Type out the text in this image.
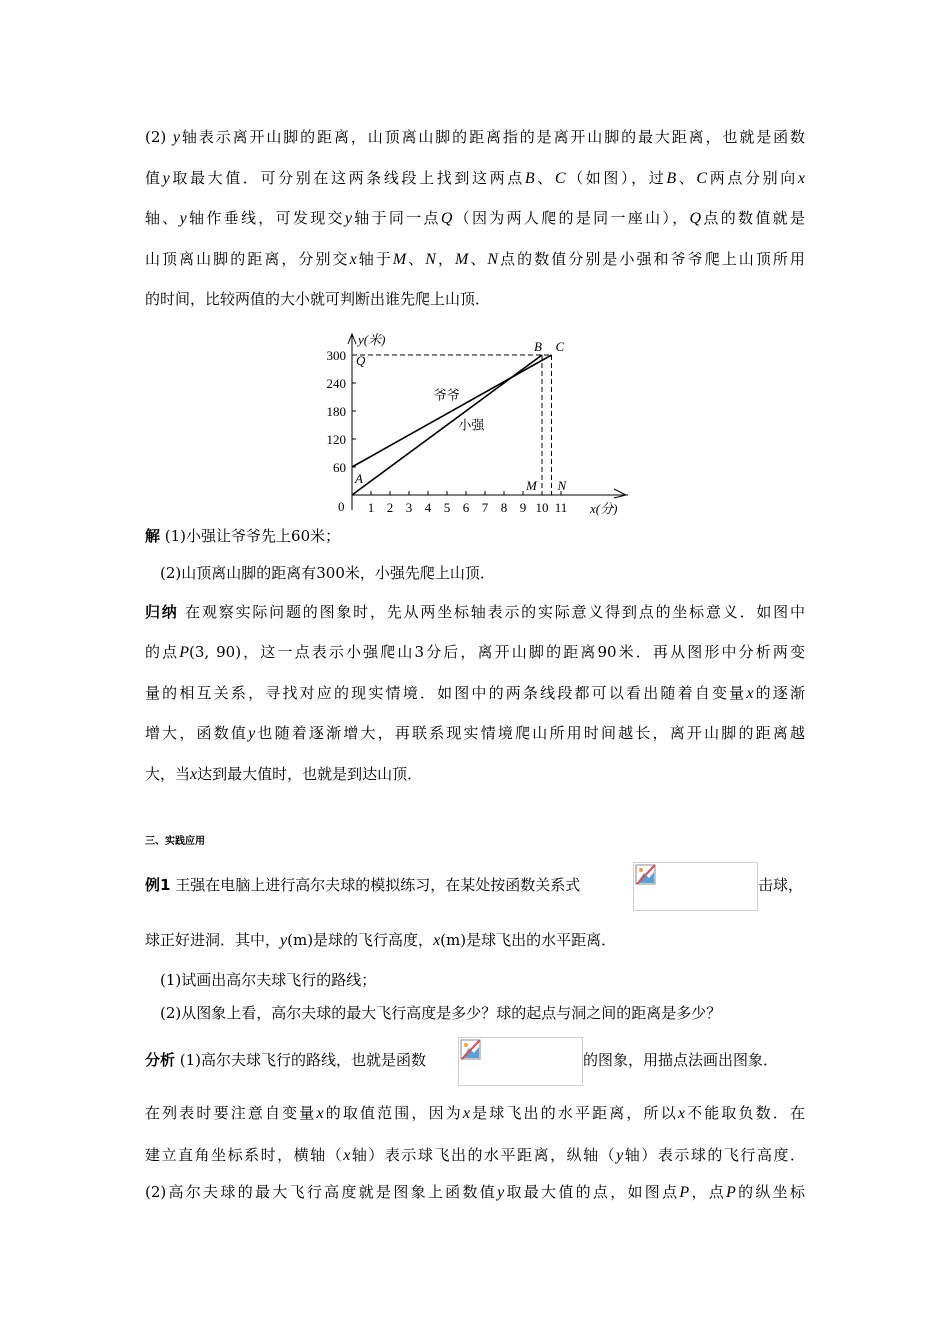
(2) y轴表示离开山脚的距离，山顶离山脚的距离指的是离开山脚的最大距离，也就是函数
值y取最大值．可分别在这两条线段上找到这两点B、C（如图），过B、C两点分别向x
轴、y轴作垂线，可发现交y轴于同一点Q（因为两人爬的是同一座山），Q点的数值就是
山顶离山脚的距离，分别交x轴于M、N，M、N点的数值分别是小强和爷爷爬上山顶所用
的时间，比较两值的大小就可判断出谁先爬上山顶．
解 (1)小强让爷爷先上60米；
　(2)山顶离山脚的距离有300米，小强先爬上山顶．
归纳 在观察实际问题的图象时，先从两坐标轴表示的实际意义得到点的坐标意义．如图中
的点P(3, 90)，这一点表示小强爬山3分后，离开山脚的距离90米．再从图形中分析两变
量的相互关系，寻找对应的现实情境．如图中的两条线段都可以看出随着自变量x的逐渐
增大，函数值y也随着逐渐增大，再联系现实情境爬山所用时间越长，离开山脚的距离越
大，当x达到最大值时，也就是到达山顶．
例1 王强在电脑上进行高尔夫球的模拟练习，在某处按函数关系式
球正好进洞．其中，y(m)是球的飞行高度，x(m)是球飞出的水平距离．
　(1)试画出高尔夫球飞行的路线；
　(2)从图象上看，高尔夫球的最大飞行高度是多少？球的起点与洞之间的距离是多少？
分析 (1)高尔夫球飞行的路线，也就是函数
在列表时要注意自变量x的取值范围，因为x是球飞出的水平距离，所以x不能取负数．在
建立直角坐标系时，横轴（x轴）表示球飞出的水平距离，纵轴（y轴）表示球的飞行高度．
(2)高尔夫球的最大飞行高度就是图象上函数值y取最大值的点，如图点P，点P的纵坐标
三、实践应用
击球，
的图象，用描点法画出图象．
1 2 3 4 5 6 7 8 9 10 11
60
120
180
240
300
0
y(米)
x(分)
爷爷
小强
A
B C
Q
M N
